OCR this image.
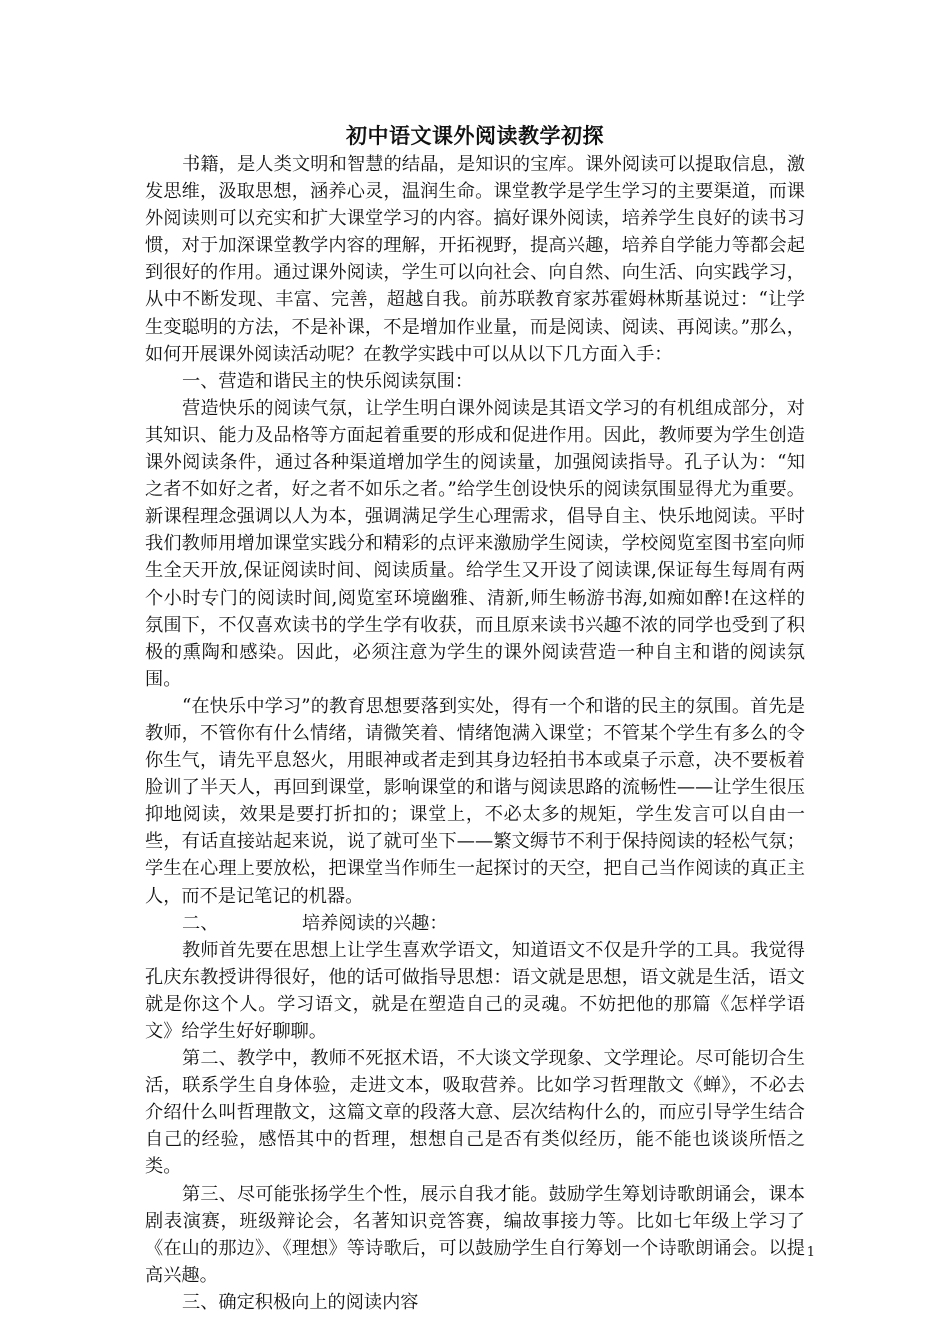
初中语文课外阅读教学初探

书籍，是人类文明和智慧的结晶，是知识的宝库。课外阅读可以提取信息，激发思维，汲取思想，涵养心灵，温润生命。课堂教学是学生学习的主要渠道，而课外阅读则可以充实和扩大课堂学习的内容。搞好课外阅读，培养学生良好的读书习惯，对于加深课堂教学内容的理解，开拓视野，提高兴趣，培养自学能力等都会起到很好的作用。通过课外阅读，学生可以向社会、向自然、向生活、向实践学习，从中不断发现、丰富、完善，超越自我。前苏联教育家苏霍姆林斯基说过：“让学生变聪明的方法，不是补课，不是增加作业量，而是阅读、阅读、再阅读。”那么，如何开展课外阅读活动呢？在教学实践中可以从以下几方面入手：

一、营造和谐民主的快乐阅读氛围：

营造快乐的阅读气氛，让学生明白课外阅读是其语文学习的有机组成部分，对其知识、能力及品格等方面起着重要的形成和促进作用。因此，教师要为学生创造课外阅读条件，通过各种渠道增加学生的阅读量，加强阅读指导。孔子认为：“知之者不如好之者，好之者不如乐之者。”给学生创设快乐的阅读氛围显得尤为重要。新课程理念强调以人为本，强调满足学生心理需求，倡导自主、快乐地阅读。平时我们教师用增加课堂实践分和精彩的点评来激励学生阅读，学校阅览室图书室向师生全天开放,保证阅读时间、阅读质量。给学生又开设了阅读课,保证每生每周有两个小时专门的阅读时间,阅览室环境幽雅、清新,师生畅游书海,如痴如醉!在这样的氛围下，不仅喜欢读书的学生学有收获，而且原来读书兴趣不浓的同学也受到了积极的熏陶和感染。因此，必须注意为学生的课外阅读营造一种自主和谐的阅读氛围。

“在快乐中学习”的教育思想要落到实处，得有一个和谐的民主的氛围。首先是教师，不管你有什么情绪，请微笑着、情绪饱满入课堂；不管某个学生有多么的令你生气，请先平息怒火，用眼神或者走到其身边轻拍书本或桌子示意，决不要板着脸训了半天人，再回到课堂，影响课堂的和谐与阅读思路的流畅性——让学生很压抑地阅读，效果是要打折扣的；课堂上，不必太多的规矩，学生发言可以自由一些，有话直接站起来说，说了就可坐下——繁文缛节不利于保持阅读的轻松气氛；学生在心理上要放松，把课堂当作师生一起探讨的天空，把自己当作阅读的真正主人，而不是记笔记的机器。

二、	培养阅读的兴趣：

教师首先要在思想上让学生喜欢学语文，知道语文不仅是升学的工具。我觉得孔庆东教授讲得很好，他的话可做指导思想：语文就是思想，语文就是生活，语文就是你这个人。学习语文，就是在塑造自己的灵魂。不妨把他的那篇《怎样学语文》给学生好好聊聊。

第二、教学中，教师不死抠术语，不大谈文学现象、文学理论。尽可能切合生活，联系学生自身体验，走进文本，吸取营养。比如学习哲理散文《蝉》，不必去介绍什么叫哲理散文，这篇文章的段落大意、层次结构什么的，而应引导学生结合自己的经验，感悟其中的哲理，想想自己是否有类似经历，能不能也谈谈所悟之类。

第三、尽可能张扬学生个性，展示自我才能。鼓励学生筹划诗歌朗诵会，课本剧表演赛，班级辩论会，名著知识竞答赛，编故事接力等。比如七年级上学习了《在山的那边》、《理想》等诗歌后，可以鼓励学生自行筹划一个诗歌朗诵会。以提高兴趣。

三、确定积极向上的阅读内容

1
